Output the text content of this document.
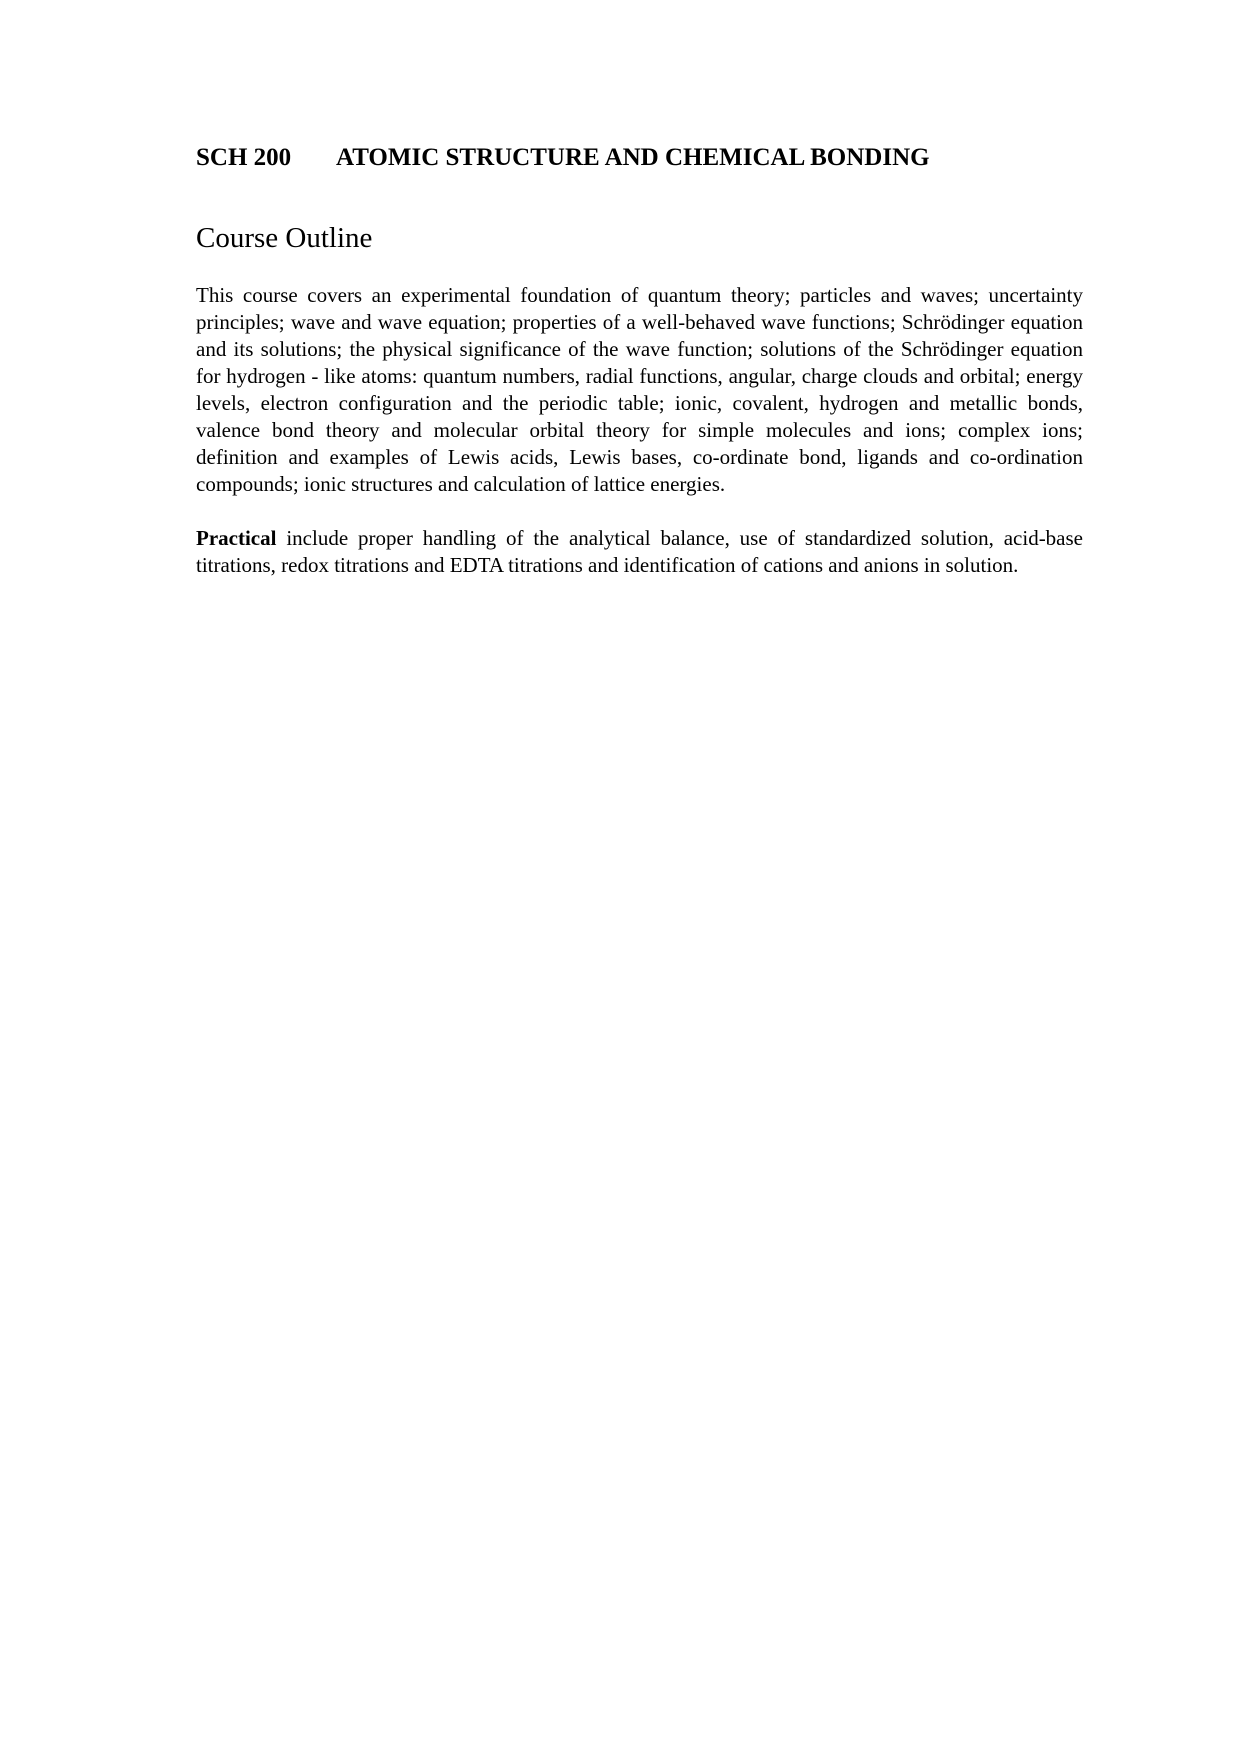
SCH 200 ATOMIC STRUCTURE AND CHEMICAL BONDING
Course Outline

This course covers an experimental foundation of quantum theory; particles and waves; uncertainty principles; wave and wave equation; properties of a well-behaved wave functions; Schrödinger equation and its solutions; the physical significance of the wave function; solutions of the Schrödinger equation for hydrogen - like atoms: quantum numbers, radial functions, angular, charge clouds and orbital; energy levels, electron configuration and the periodic table; ionic, covalent, hydrogen and metallic bonds, valence bond theory and molecular orbital theory for simple molecules and ions; complex ions; definition and examples of Lewis acids, Lewis bases, co-ordinate bond, ligands and co-ordination compounds; ionic structures and calculation of lattice energies.

Practical include proper handling of the analytical balance, use of standardized solution, acid-base titrations, redox titrations and EDTA titrations and identification of cations and anions in solution.
